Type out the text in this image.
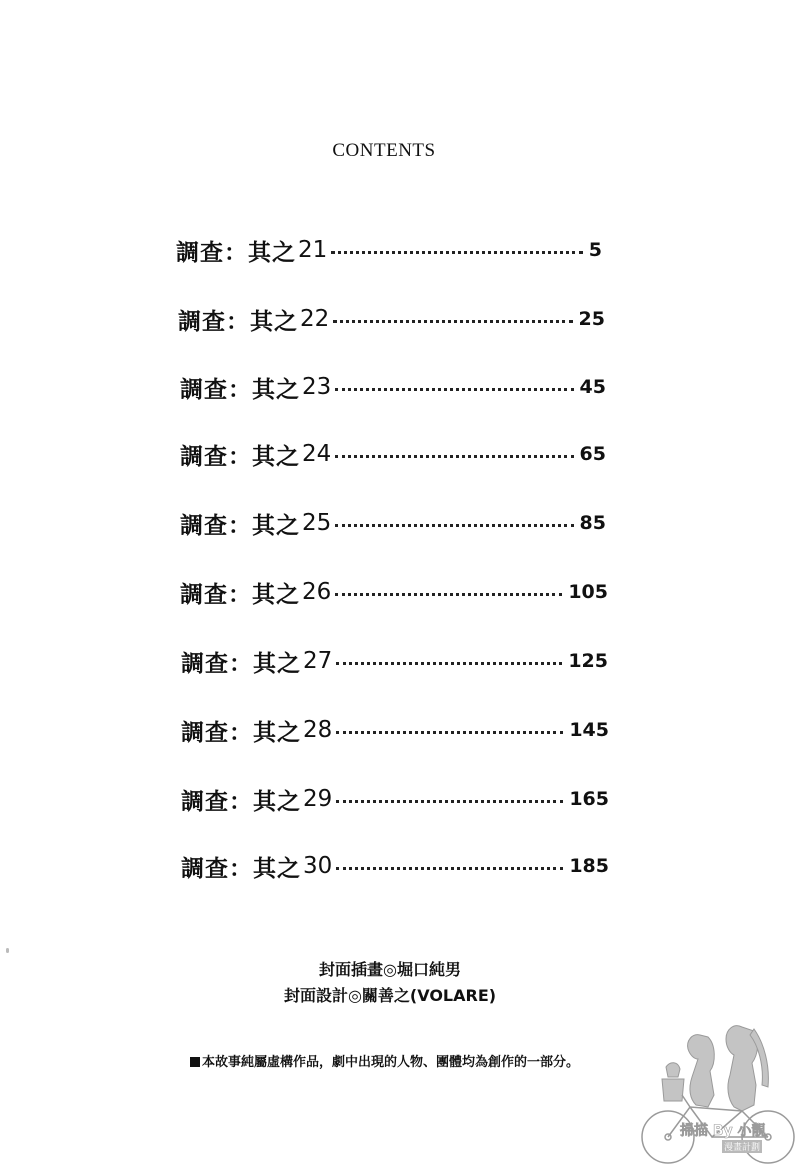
CONTENTS
調查：其之 21	5
調查：其之 22	25
調查：其之 23	45
調查：其之 24	65
調查：其之 25	85
調查：其之 26	105
調查：其之 27	125
調查：其之 28	145
調查：其之 29	165
調查：其之 30	185
封面插畫◎堀口純男
封面設計◎關善之(VOLARE)
本故事純屬虛構作品，劇中出現的人物、團體均為創作的一部分。
掃描 By 小靚
漫畫計劃
